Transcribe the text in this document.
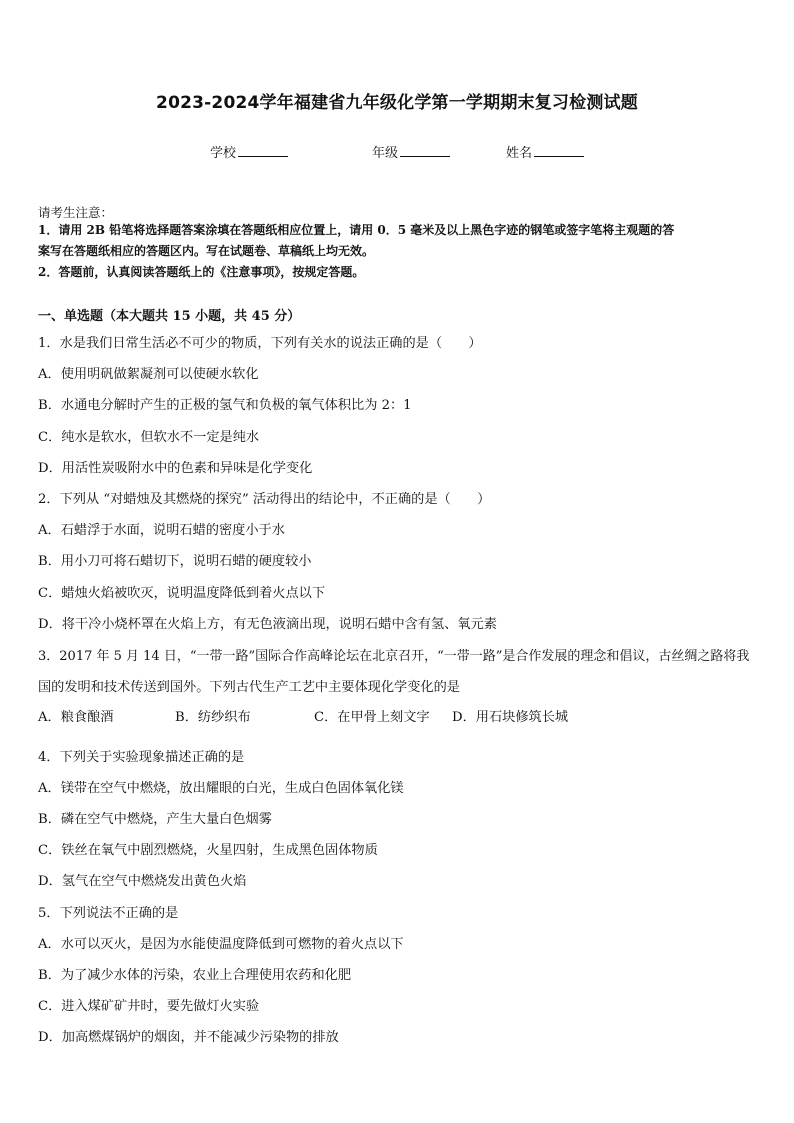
2023-2024学年福建省九年级化学第一学期期末复习检测试题
学校	年级	姓名
请考生注意：
1．请用 2B 铅笔将选择题答案涂填在答题纸相应位置上，请用 0．5 毫米及以上黑色字迹的钢笔或签字笔将主观题的答
案写在答题纸相应的答题区内。写在试题卷、草稿纸上均无效。
2．答题前，认真阅读答题纸上的《注意事项》，按规定答题。
一、单选题（本大题共 15 小题，共 45 分）
1．水是我们日常生活必不可少的物质，下列有关水的说法正确的是（　　）
A．使用明矾做絮凝剂可以使硬水软化
B．水通电分解时产生的正极的氢气和负极的氧气体积比为 2：1
C．纯水是软水，但软水不一定是纯水
D．用活性炭吸附水中的色素和异味是化学变化
2．下列从 “对蜡烛及其燃烧的探究” 活动得出的结论中，不正确的是（　　）
A．石蜡浮于水面，说明石蜡的密度小于水
B．用小刀可将石蜡切下，说明石蜡的硬度较小
C．蜡烛火焰被吹灭，说明温度降低到着火点以下
D．将干冷小烧杯罩在火焰上方，有无色液滴出现，说明石蜡中含有氢、氧元素
3．2017 年 5 月 14 日，“一带一路”国际合作高峰论坛在北京召开，“一带一路”是合作发展的理念和倡议，古丝绸之路将我
国的发明和技术传送到国外。下列古代生产工艺中主要体现化学变化的是
A．粮食酿酒	B．纺纱织布	C．在甲骨上刻文字 D．用石块修筑长城
4．下列关于实验现象描述正确的是
A．镁带在空气中燃烧，放出耀眼的白光，生成白色固体氧化镁
B．磷在空气中燃烧，产生大量白色烟雾
C．铁丝在氧气中剧烈燃烧，火星四射，生成黑色固体物质
D．氢气在空气中燃烧发出黄色火焰
5．下列说法不正确的是
A．水可以灭火，是因为水能使温度降低到可燃物的着火点以下
B．为了减少水体的污染，农业上合理使用农药和化肥
C．进入煤矿矿井时，要先做灯火实验
D．加高燃煤锅炉的烟囱，并不能减少污染物的排放
